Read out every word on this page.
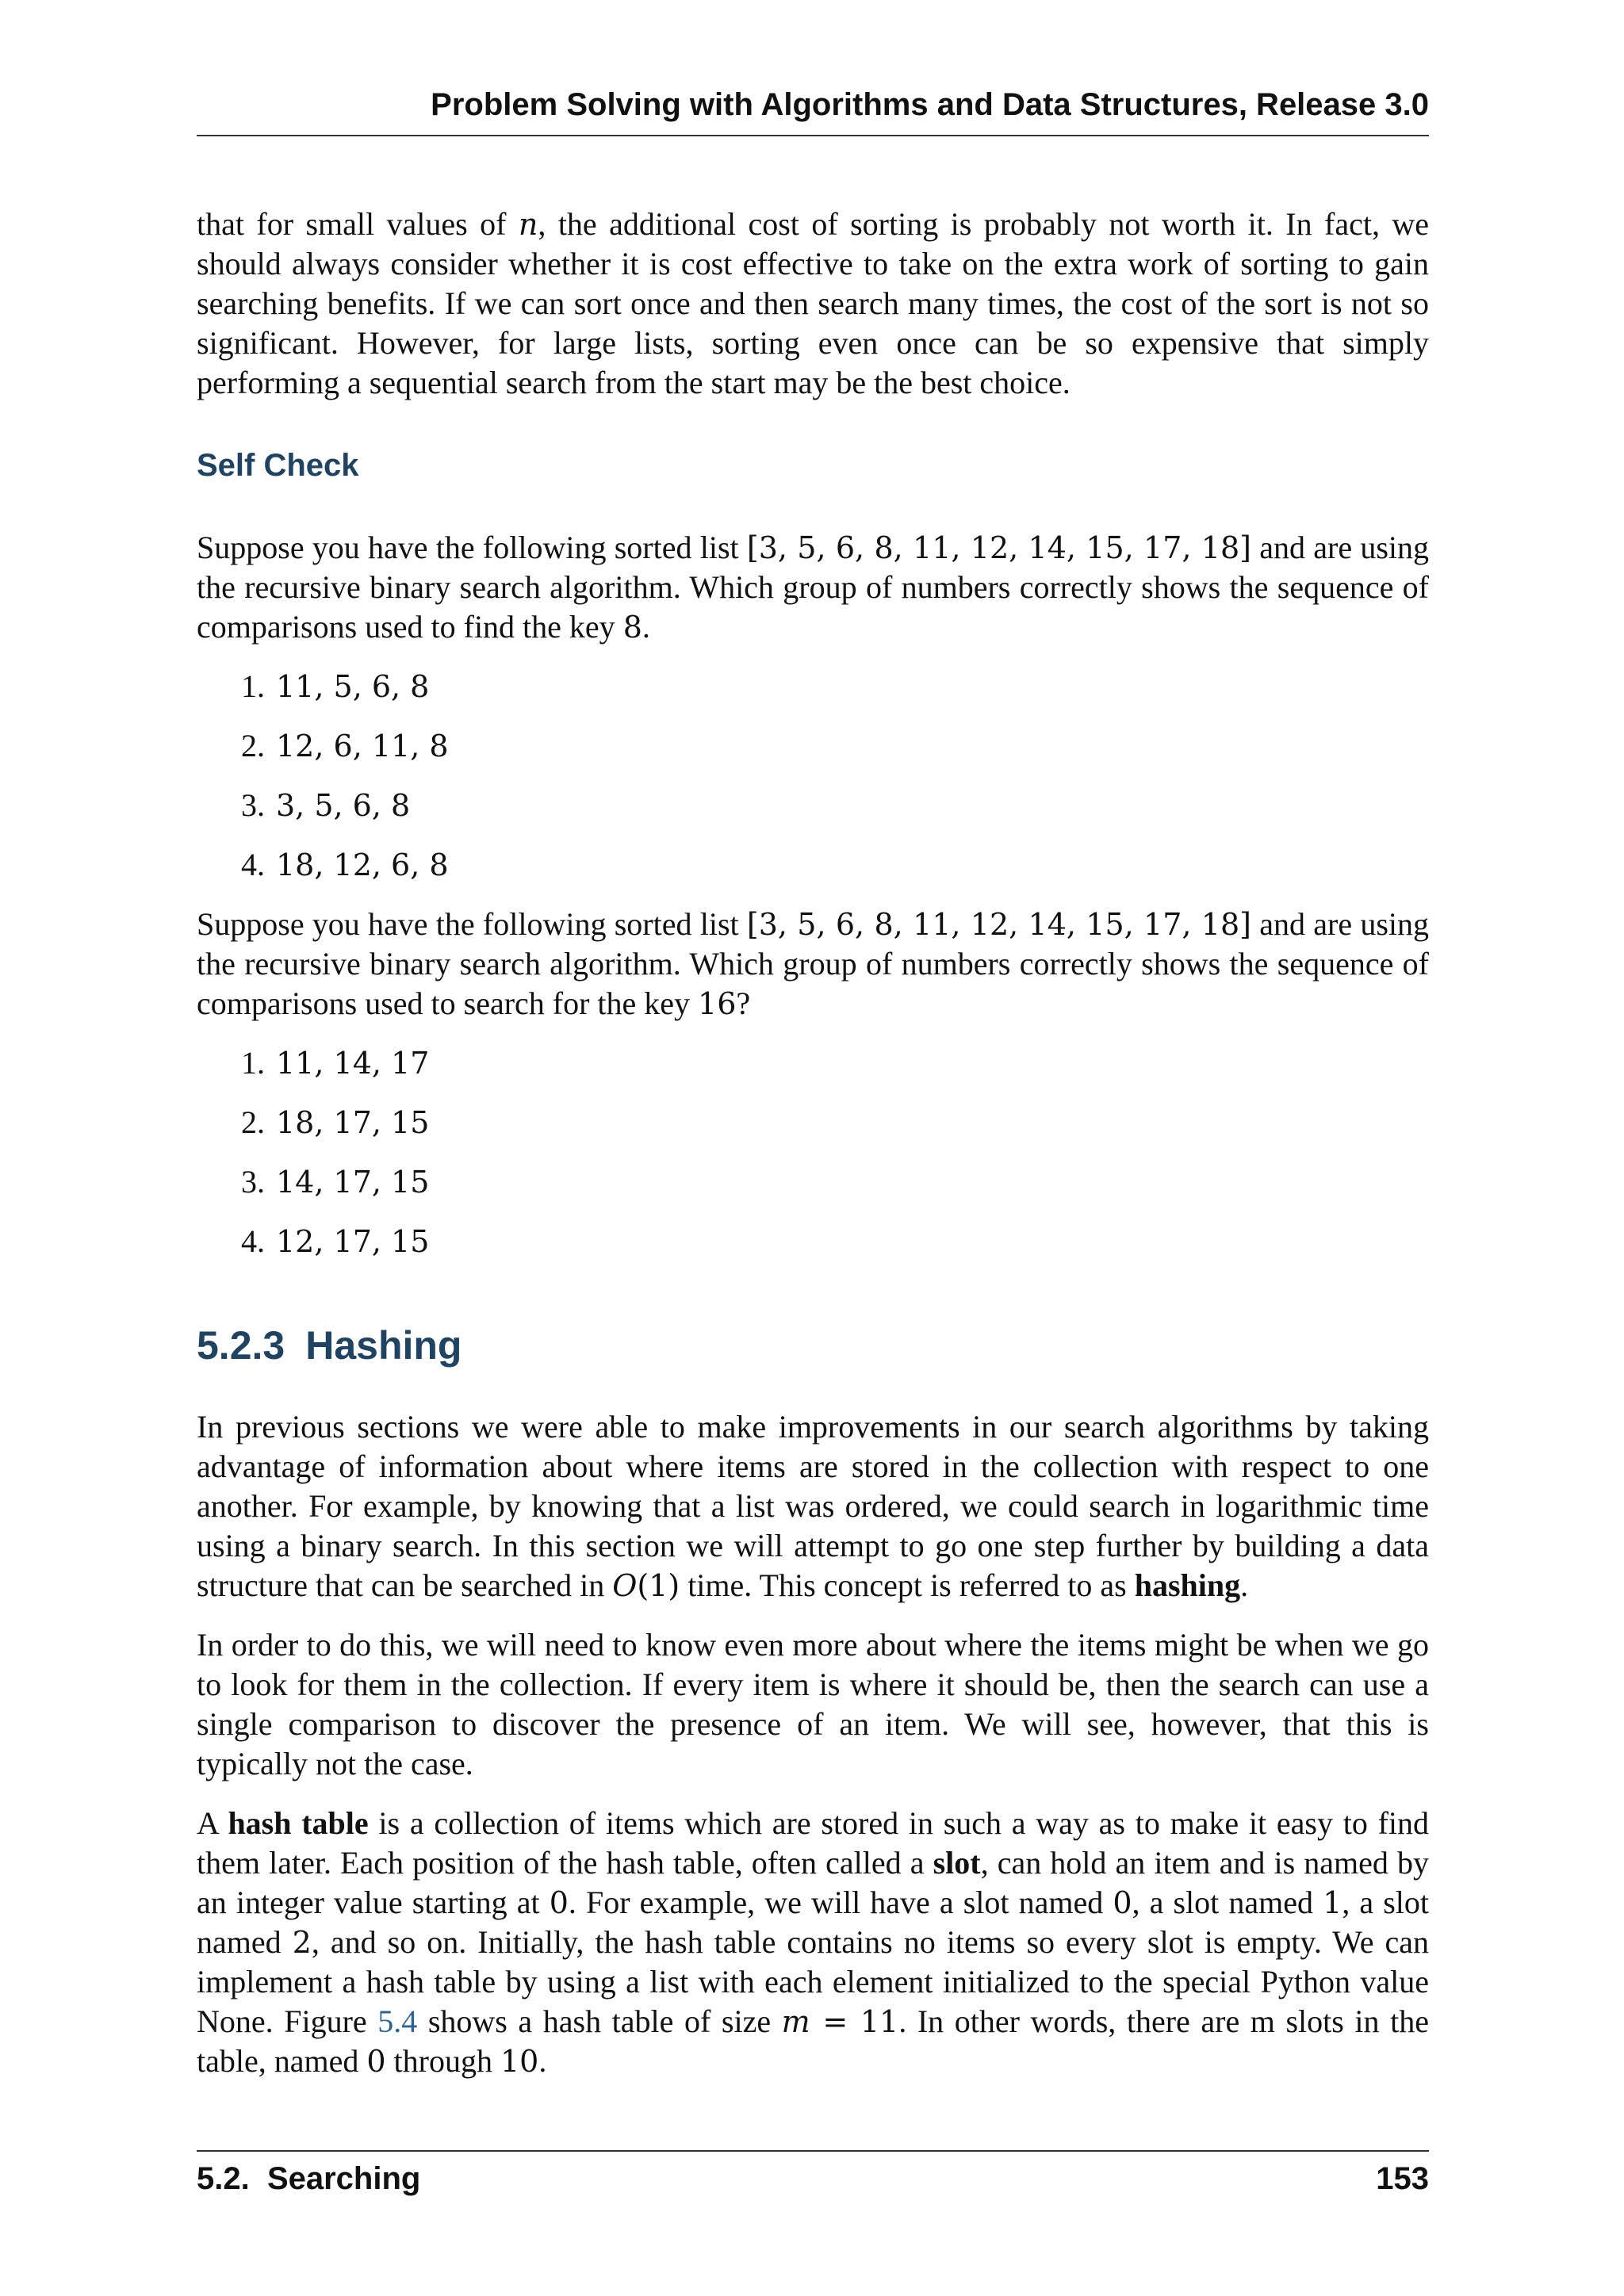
Problem Solving with Algorithms and Data Structures, Release 3.0

that for small values of n, the additional cost of sorting is probably not worth it. In fact, we should always consider whether it is cost effective to take on the extra work of sorting to gain searching benefits. If we can sort once and then search many times, the cost of the sort is not so significant. However, for large lists, sorting even once can be so expensive that simply performing a sequential search from the start may be the best choice.

Self Check

Suppose you have the following sorted list [3, 5, 6, 8, 11, 12, 14, 15, 17, 18] and are using the recursive binary search algorithm. Which group of numbers correctly shows the sequence of comparisons used to find the key 8.

1. 11, 5, 6, 8
2. 12, 6, 11, 8
3. 3, 5, 6, 8
4. 18, 12, 6, 8

Suppose you have the following sorted list [3, 5, 6, 8, 11, 12, 14, 15, 17, 18] and are using the recursive binary search algorithm. Which group of numbers correctly shows the sequence of comparisons used to search for the key 16?

1. 11, 14, 17
2. 18, 17, 15
3. 14, 17, 15
4. 12, 17, 15
5.2.3 Hashing

In previous sections we were able to make improvements in our search algorithms by taking advantage of information about where items are stored in the collection with respect to one another. For example, by knowing that a list was ordered, we could search in logarithmic time using a binary search. In this section we will attempt to go one step further by building a data structure that can be searched in O(1) time. This concept is referred to as hashing.

In order to do this, we will need to know even more about where the items might be when we go to look for them in the collection. If every item is where it should be, then the search can use a single comparison to discover the presence of an item. We will see, however, that this is typically not the case.

A hash table is a collection of items which are stored in such a way as to make it easy to find them later. Each position of the hash table, often called a slot, can hold an item and is named by an integer value starting at 0. For example, we will have a slot named 0, a slot named 1, a slot named 2, and so on. Initially, the hash table contains no items so every slot is empty. We can implement a hash table by using a list with each element initialized to the special Python value None. Figure 5.4 shows a hash table of size m = 11. In other words, there are m slots in the table, named 0 through 10.

5.2.  Searching	153
